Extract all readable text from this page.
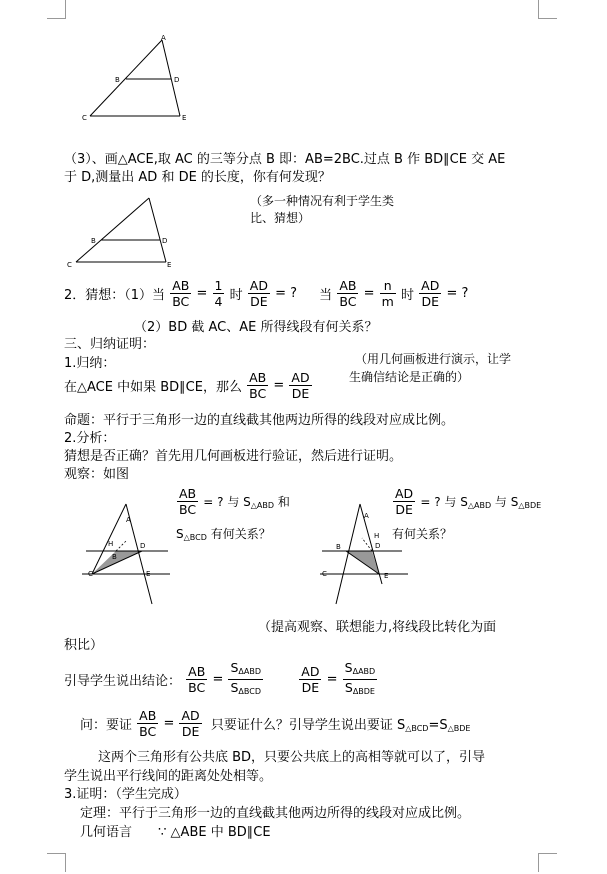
A
B	D
C	E
（3）、画△ACE,取 AC 的三等分点 B 即：AB=2BC.过点 B 作 BD∥CE 交 AE
于 D,测量出 AD 和 DE 的长度，你有何发现？
B	D
C	E
（多一种情况有利于学生类
比、猜想）
2．猜想：（1）当 $\frac{AB}{BC} = \frac{1}{4}$ 时 $\frac{AD}{DE}$ = ? 当 $\frac{AB}{BC} = \frac{n}{m}$ 时 $\frac{AD}{DE}$ = ?
（2）BD 截 AC、AE 所得线段有何关系？
三、归纳证明：
1.归纳：	（用几何画板进行演示，让学
生确信结论是正确的）
在△ACE 中如果 BD∥CE，那么 $\frac{AB}{BC} = \frac{AD}{DE}$
命题：平行于三角形一边的直线截其他两边所得的线段对应成比例。
2.分析：
猜想是否正确？首先用几何画板进行验证，然后进行证明。
观察：如图
$\frac{AB}{BC}$ = ? 与 $S_{\triangle ABD}$ 和
$S_{\triangle BCD}$ 有何关系？
$\frac{AD}{DE}$ = ? 与 $S_{\triangle ABD}$ 与 $S_{\triangle BDE}$
有何关系？
A
H
B
D
C	E
A
H
B	D
C	E
（提高观察、联想能力,将线段比转化为面
积比）
引导学生说出结论： $\frac{AB}{BC} = \frac{S_{\Delta ABD}}{S_{\Delta BCD}}$
	$\frac{AD}{DE} = \frac{S_{\Delta ABD}}{S_{\Delta BDE}}$
问：要证 $\frac{AB}{BC} = \frac{AD}{DE}$ 只要证什么？引导学生说出要证 $S_{\triangle BCD}=S_{\triangle BDE}$
这两个三角形有公共底 BD，只要公共底上的高相等就可以了，引导
学生说出平行线间的距离处处相等。
3.证明：（学生完成）
定理：平行于三角形一边的直线截其他两边所得的线段对应成比例。
几何语言 ∵ △ABE 中 BD∥CE
